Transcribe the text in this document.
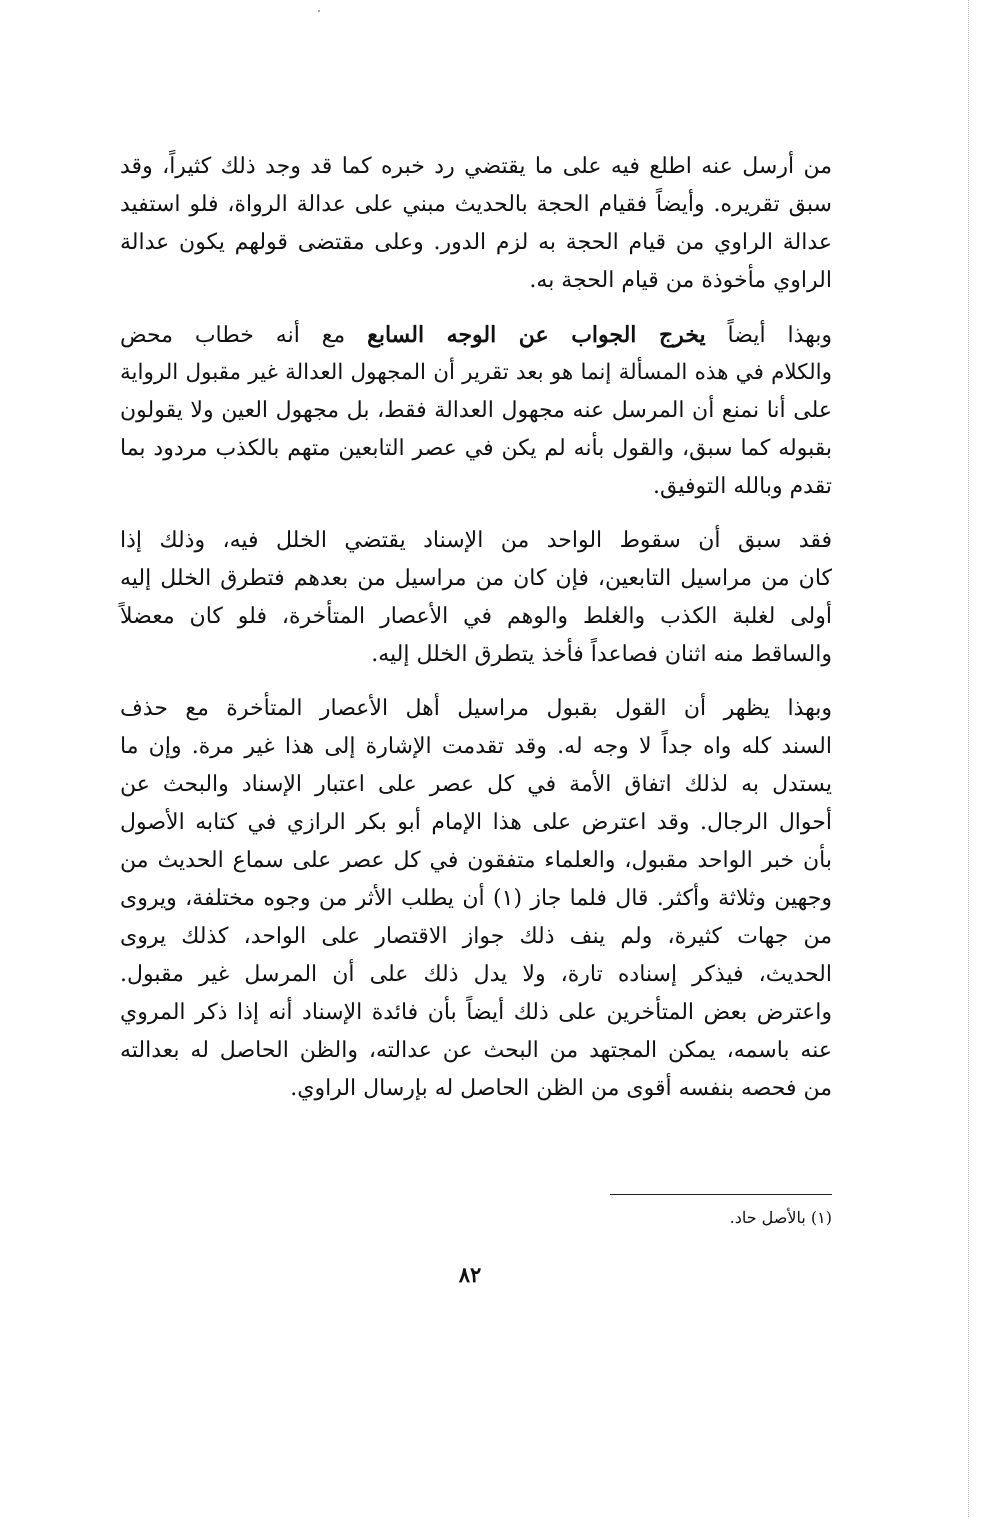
من أرسل عنه اطلع فيه على ما يقتضي رد خبره كما قد وجد ذلك كثيراً، وقد
سبق تقريره. وأيضاً فقيام الحجة بالحديث مبني على عدالة الرواة، فلو استفيد
عدالة الراوي من قيام الحجة به لزم الدور. وعلى مقتضى قولهم يكون عدالة
الراوي مأخوذة من قيام الحجة به.

وبهذا أيضاً يخرج الجواب عن الوجه السابع مع أنه خطاب محض
والكلام في هذه المسألة إنما هو بعد تقرير أن المجهول العدالة غير مقبول الرواية
على أنا نمنع أن المرسل عنه مجهول العدالة فقط، بل مجهول العين ولا يقولون
بقبوله كما سبق، والقول بأنه لم يكن في عصر التابعين متهم بالكذب مردود بما
تقدم وبالله التوفيق.

فقد سبق أن سقوط الواحد من الإسناد يقتضي الخلل فيه، وذلك إذا
كان من مراسيل التابعين، فإن كان من مراسيل من بعدهم فتطرق الخلل إليه
أولى لغلبة الكذب والغلط والوهم في الأعصار المتأخرة، فلو كان معضلاً
والساقط منه اثنان فصاعداً فأخذ يتطرق الخلل إليه.

وبهذا يظهر أن القول بقبول مراسيل أهل الأعصار المتأخرة مع حذف
السند كله واه جداً لا وجه له. وقد تقدمت الإشارة إلى هذا غير مرة. وإن ما
يستدل به لذلك اتفاق الأمة في كل عصر على اعتبار الإسناد والبحث عن
أحوال الرجال. وقد اعترض على هذا الإمام أبو بكر الرازي في كتابه الأصول
بأن خبر الواحد مقبول، والعلماء متفقون في كل عصر على سماع الحديث من
وجهين وثلاثة وأكثر. قال فلما جاز (١) أن يطلب الأثر من وجوه مختلفة، ويروى
من جهات كثيرة، ولم ينف ذلك جواز الاقتصار على الواحد، كذلك يروى
الحديث، فيذكر إسناده تارة، ولا يدل ذلك على أن المرسل غير مقبول.
واعترض بعض المتأخرين على ذلك أيضاً بأن فائدة الإسناد أنه إذا ذكر المروي
عنه باسمه، يمكن المجتهد من البحث عن عدالته، والظن الحاصل له بعدالته
من فحصه بنفسه أقوى من الظن الحاصل له بإرسال الراوي.

(١) بالأصل حاد.
٨٢
